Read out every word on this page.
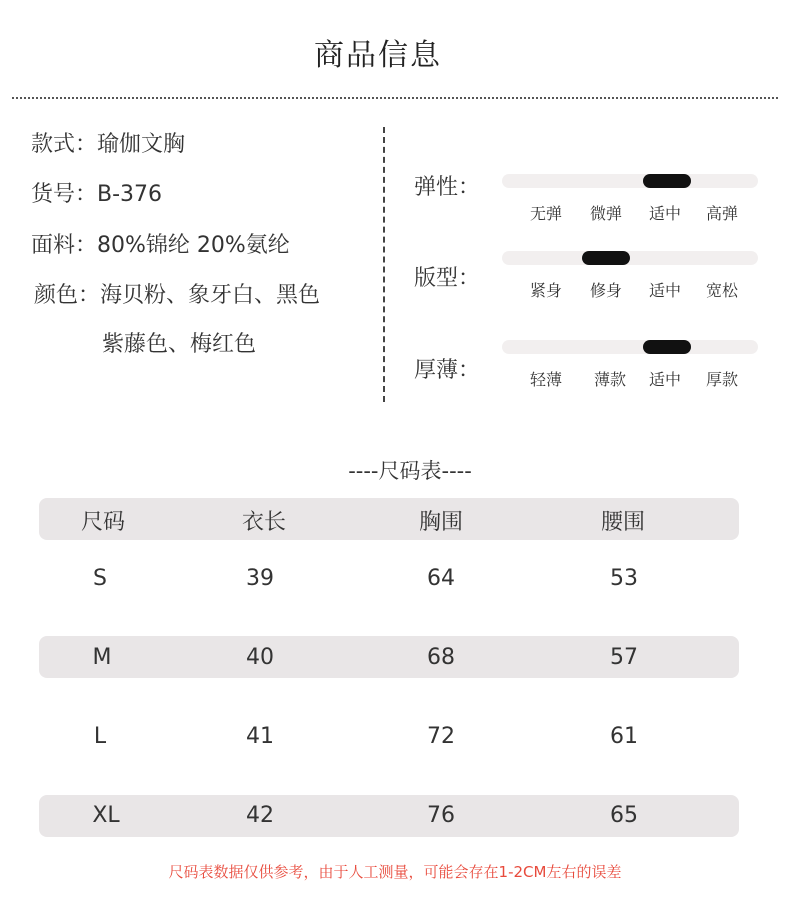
商品信息
款式：瑜伽文胸
货号：B-376
面料：80%锦纶 20%氨纶
颜色：海贝粉、象牙白、黑色
紫藤色、梅红色
弹性：
无弹	微弹	适中	高弹
版型：	紧身	修身	适中	宽松
厚薄：	轻薄	薄款	适中	厚款
----尺码表----
尺码	衣长	胸围	腰围
S	39	64	53
M	40	68	57
L	41	72	61
XL	42	76	65
尺码表数据仅供参考，由于人工测量，可能会存在1-2CM左右的误差
